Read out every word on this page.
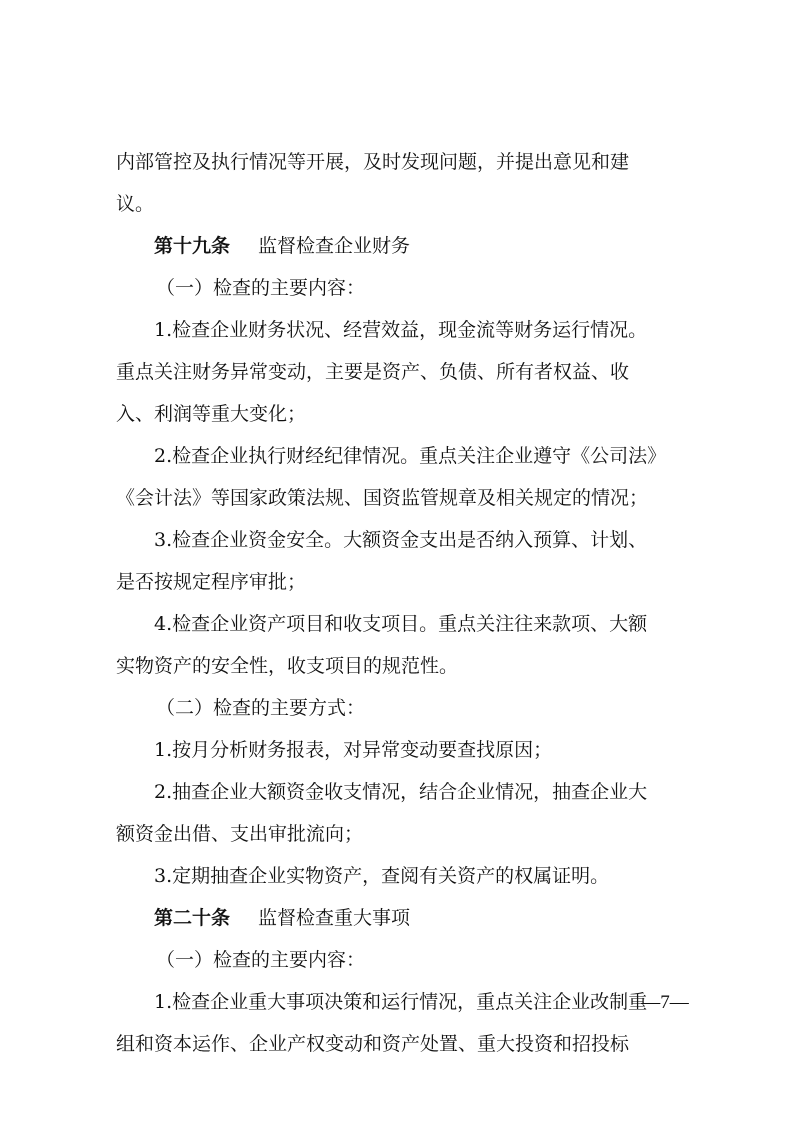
内部管控及执行情况等开展，及时发现问题，并提出意见和建
议。
第十九条 监督检查企业财务
（一）检查的主要内容：
1.检查企业财务状况、经营效益，现金流等财务运行情况。
重点关注财务异常变动，主要是资产、负债、所有者权益、收
入、利润等重大变化；
2.检查企业执行财经纪律情况。重点关注企业遵守《公司法》
《会计法》等国家政策法规、国资监管规章及相关规定的情况；
3.检查企业资金安全。大额资金支出是否纳入预算、计划、
是否按规定程序审批；
4.检查企业资产项目和收支项目。重点关注往来款项、大额
实物资产的安全性，收支项目的规范性。
（二）检查的主要方式：
1.按月分析财务报表，对异常变动要查找原因；
2.抽查企业大额资金收支情况，结合企业情况，抽查企业大
额资金出借、支出审批流向；
3.定期抽查企业实物资产，查阅有关资产的权属证明。
第二十条 监督检查重大事项
（一）检查的主要内容：
1.检查企业重大事项决策和运行情况，重点关注企业改制重
组和资本运作、企业产权变动和资产处置、重大投资和招投标
—7—
